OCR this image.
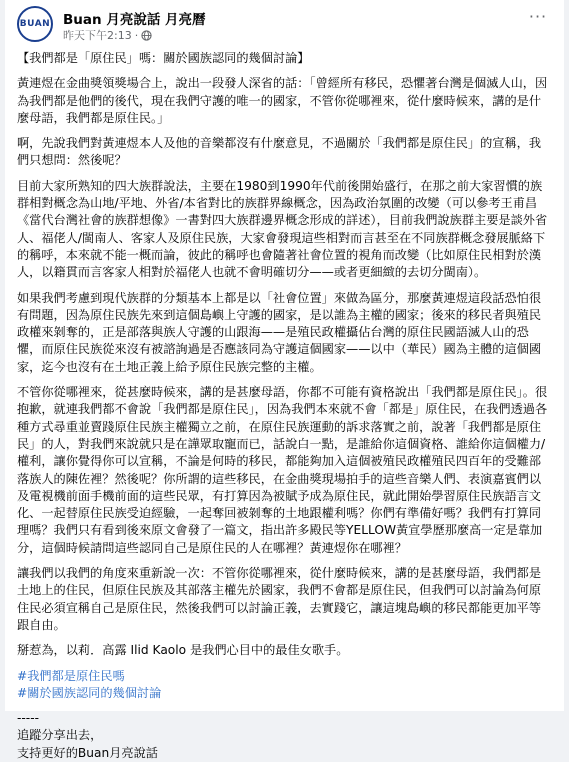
BUAN Buan 月亮說話 月亮曆
昨天下午2:13 ·
···

【我們都是「原住民」嗎：關於國族認同的幾個討論】

黃連煜在金曲獎領獎場合上，說出一段發人深省的話：「曾經所有移民，恐懼著台灣是個滅人山，因為我們都是他們的後代，現在我們守護的唯一的國家，不管你從哪裡來，從什麼時候來，講的是什麼母語，我們都是原住民。」

啊，先說我們對黃連煜本人及他的音樂都沒有什麼意見，不過關於「我們都是原住民」的宣稱，我們只想問：然後呢？

目前大家所熟知的四大族群說法，主要在1980到1990年代前後開始盛行，在那之前大家習慣的族群相對概念為山地/平地、外省/本省對比的族群界線概念，因為政治氛圍的改變（可以參考王甫昌《當代台灣社會的族群想像》一書對四大族群邊界概念形成的詳述），目前我們說族群主要是談外省人、福佬人/閩南人、客家人及原住民族，大家會發現這些相對而言甚至在不同族群概念發展脈絡下的稱呼，本來就不能一概而論，彼此的稱呼也會隨著社會位置的視角而改變（比如原住民相對於漢人，以籍貫而言客家人相對於福佬人也就不會明確切分——或者更細緻的去切分閩南）。

如果我們考慮到現代族群的分類基本上都是以「社會位置」來做為區分，那麼黃連煜這段話恐怕很有問題，因為原住民族先來到這個島嶼上守護的國家，是以誰為主權的國家；後來的移民者與殖民政權來剝奪的，正是部落與族人守護的山跟海——是殖民政權攝佔台灣的原住民國語滅人山的恐懼，而原住民族從來沒有被諮詢過是否應該同為守護這個國家——以中（華民）國為主體的這個國家，迄今也沒有在土地正義上給予原住民族完整的主權。

不管你從哪裡來，從甚麼時候來，講的是甚麼母語，你都不可能有資格說出「我們都是原住民」。很抱歉，就連我們都不會說「我們都是原住民」，因為我們本來就不會「都是」原住民，在我們透過各種方式尋重並賣踐原住民族主權獨立之前，在原住民族運動的訴求落實之前，說著「我們都是原住民」的人，對我們來說就只是在譁眾取寵而已，話說白一點，是誰給你這個資格、誰給你這個權力/權利，讓你覺得你可以宣稱，不論是何時的移民，都能夠加入這個被殖民政權殖民四百年的受難部落族人的陳佐裡？然後呢？你所謂的這些移民，在金曲獎現場拍手的這些音樂人們、表演嘉賓們以及電視機前面手機前面的這些民眾，有打算因為被賦予成為原住民，就此開始學習原住民族語言文化、一起替原住民族受迫經驗，一起奪回被剝奪的土地跟權利嗎？你們有準備好嗎？我們有打算同理嗎？我們只有看到後來原文會發了一篇文，指出許多殿民等YELLOW黃宣學歷那麼高一定是靠加分，這個時候請問這些認同自己是原住民的人在哪裡？黃連煜你在哪裡？

讓我們以我們的角度來重新說一次：不管你從哪裡來，從什麼時候來，講的是甚麼母語，我們都是土地上的住民，但原住民族及其部落主權先於國家，我們不會都是原住民，但我們可以討論為何原住民必須宣稱自己是原住民，然後我們可以討論正義，去實踐它，讓這塊島嶼的移民都能更加平等跟自由。

掰惹為，以莉．高露 Ilid Kaolo 是我們心目中的最佳女歌手。

#我們都是原住民嗎
#關於國族認同的幾個討論

-----

追蹤分享出去，

支持更好的Buan月亮說話
